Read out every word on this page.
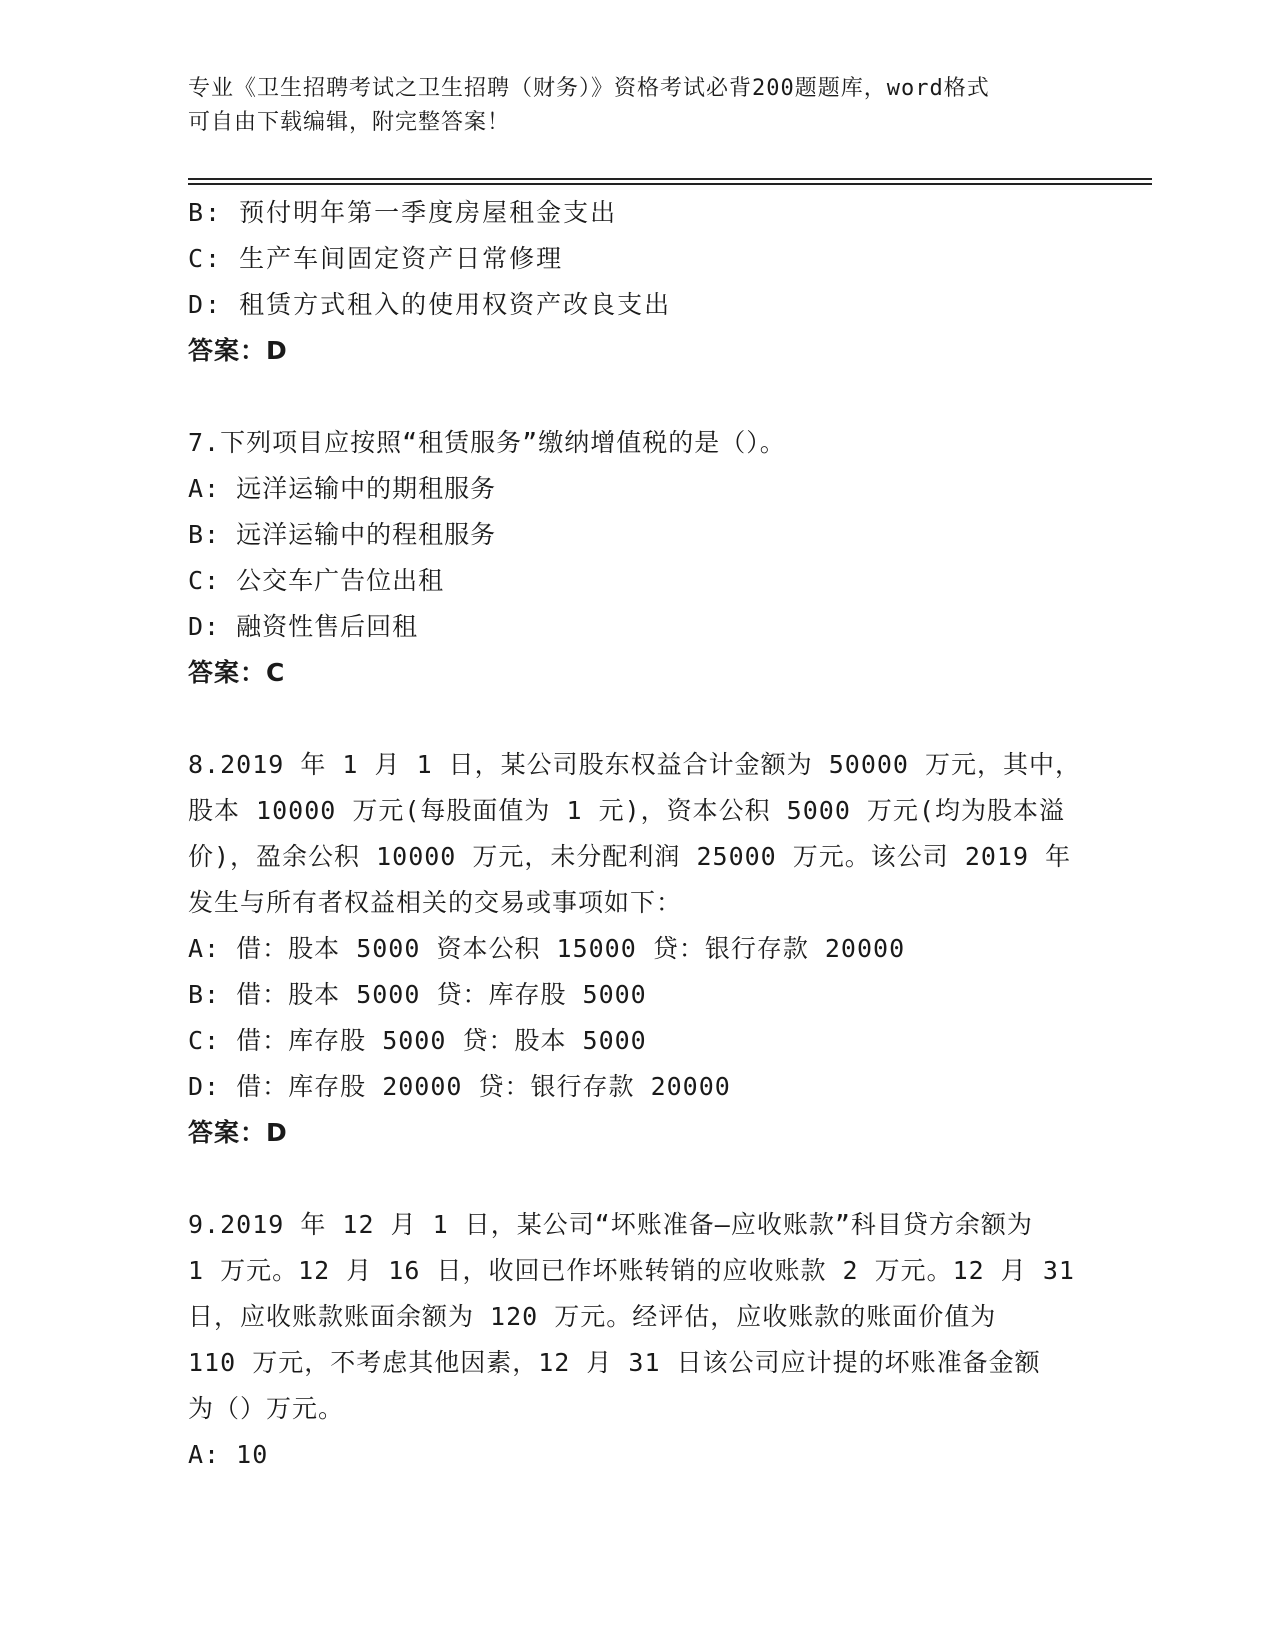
专业《卫生招聘考试之卫生招聘（财务）》资格考试必背200题题库，word格式
可自由下载编辑，附完整答案！
B: 预付明年第一季度房屋租金支出
C: 生产车间固定资产日常修理
D: 租赁方式租入的使用权资产改良支出
答案：D
7.下列项目应按照“租赁服务”缴纳增值税的是（）。
A: 远洋运输中的期租服务
B: 远洋运输中的程租服务
C: 公交车广告位出租
D: 融资性售后回租
答案：C
8.2019 年 1 月 1 日，某公司股东权益合计金额为 50000 万元，其中，
股本 10000 万元(每股面值为 1 元)，资本公积 5000 万元(均为股本溢
价)，盈余公积 10000 万元，未分配利润 25000 万元。该公司 2019 年
发生与所有者权益相关的交易或事项如下：
A: 借：股本 5000 资本公积 15000 贷：银行存款 20000
B: 借：股本 5000 贷：库存股 5000
C: 借：库存股 5000 贷：股本 5000
D: 借：库存股 20000 贷：银行存款 20000
答案：D
9.2019 年 12 月 1 日，某公司“坏账准备—应收账款”科目贷方余额为
1 万元。12 月 16 日，收回已作坏账转销的应收账款 2 万元。12 月 31
日，应收账款账面余额为 120 万元。经评估，应收账款的账面价值为
110 万元，不考虑其他因素，12 月 31 日该公司应计提的坏账准备金额
为（）万元。
A: 10
